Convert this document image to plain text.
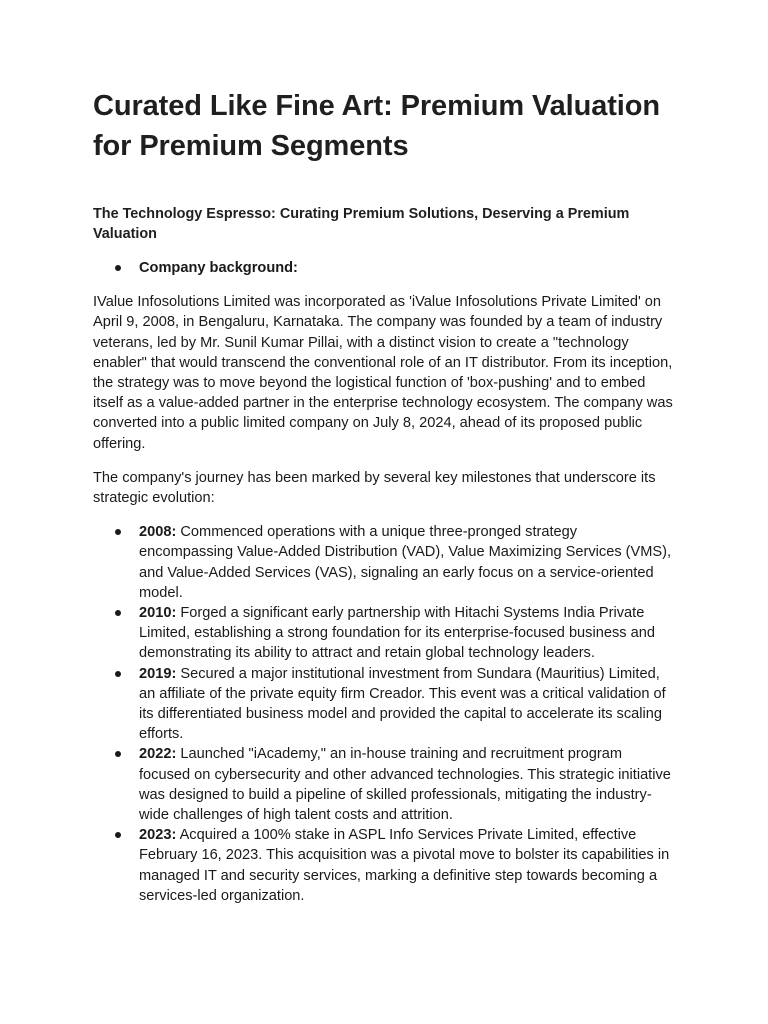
Curated Like Fine Art: Premium Valuation for Premium Segments

The Technology Espresso: Curating Premium Solutions, Deserving a Premium Valuation

Company background:

IValue Infosolutions Limited was incorporated as 'iValue Infosolutions Private Limited' on April 9, 2008, in Bengaluru, Karnataka. The company was founded by a team of industry veterans, led by Mr. Sunil Kumar Pillai, with a distinct vision to create a "technology enabler" that would transcend the conventional role of an IT distributor. From its inception, the strategy was to move beyond the logistical function of 'box-pushing' and to embed itself as a value-added partner in the enterprise technology ecosystem. The company was converted into a public limited company on July 8, 2024, ahead of its proposed public offering.

The company's journey has been marked by several key milestones that underscore its strategic evolution:

2008: Commenced operations with a unique three-pronged strategy encompassing Value-Added Distribution (VAD), Value Maximizing Services (VMS), and Value-Added Services (VAS), signaling an early focus on a service-oriented model.
2010: Forged a significant early partnership with Hitachi Systems India Private Limited, establishing a strong foundation for its enterprise-focused business and demonstrating its ability to attract and retain global technology leaders.
2019: Secured a major institutional investment from Sundara (Mauritius) Limited, an affiliate of the private equity firm Creador. This event was a critical validation of its differentiated business model and provided the capital to accelerate its scaling efforts.
2022: Launched "iAcademy," an in-house training and recruitment program focused on cybersecurity and other advanced technologies. This strategic initiative was designed to build a pipeline of skilled professionals, mitigating the industry-wide challenges of high talent costs and attrition.
2023: Acquired a 100% stake in ASPL Info Services Private Limited, effective February 16, 2023. This acquisition was a pivotal move to bolster its capabilities in managed IT and security services, marking a definitive step towards becoming a services-led organization.
